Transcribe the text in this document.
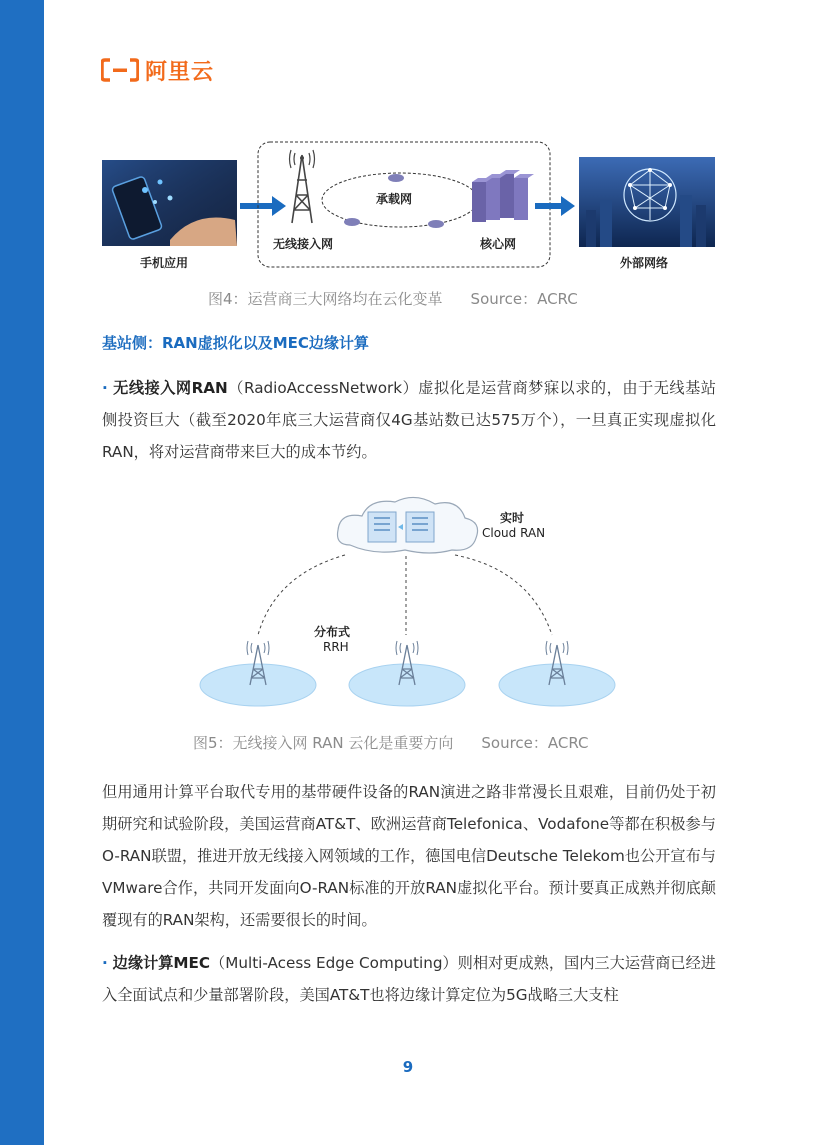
阿里云
手机应用
无线接入网
承载网
核心网
外部网络
图4：运营商三大网络均在云化变革 Source：ACRC
基站侧：RAN虚拟化以及MEC边缘计算
· 无线接入网RAN（RadioAccessNetwork）虚拟化是运营商梦寐以求的，由于无线基站侧投资巨大（截至2020年底三大运营商仅4G基站数已达575万个），一旦真正实现虚拟化RAN，将对运营商带来巨大的成本节约。
实时
Cloud RAN
分布式
RRH
图5：无线接入网 RAN 云化是重要方向 Source：ACRC
但用通用计算平台取代专用的基带硬件设备的RAN演进之路非常漫长且艰难，目前仍处于初期研究和试验阶段，美国运营商AT&T、欧洲运营商Telefonica、Vodafone等都在积极参与O-RAN联盟，推进开放无线接入网领域的工作，德国电信Deutsche Telekom也公开宣布与VMware合作，共同开发面向O-RAN标准的开放RAN虚拟化平台。预计要真正成熟并彻底颠覆现有的RAN架构，还需要很长的时间。
· 边缘计算MEC（Multi-Acess Edge Computing）则相对更成熟，国内三大运营商已经进入全面试点和少量部署阶段，美国AT&T也将边缘计算定位为5G战略三大支柱
9
